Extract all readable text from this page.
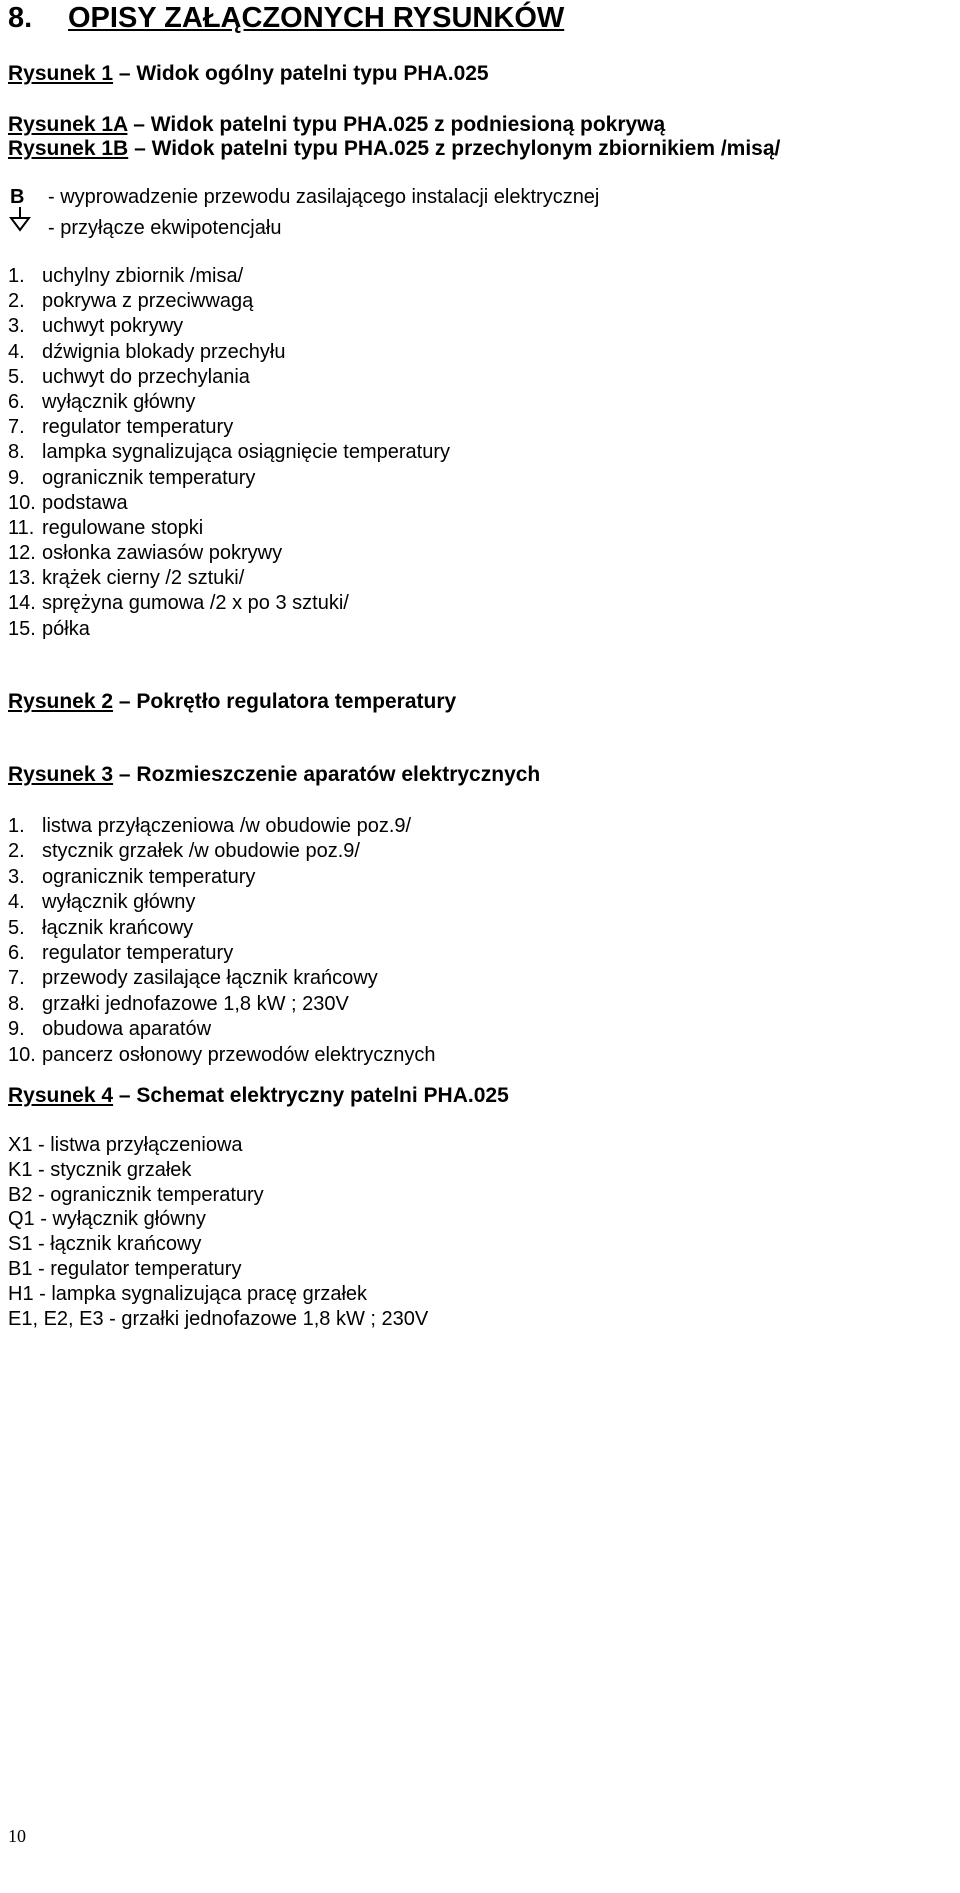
8. OPISY ZAŁĄCZONYCH RYSUNKÓW
Rysunek 1 – Widok ogólny patelni typu PHA.025
Rysunek 1A – Widok patelni typu PHA.025 z podniesioną pokrywą
Rysunek 1B – Widok patelni typu PHA.025 z przechylonym zbiornikiem /misą/
B	- wyprowadzenie przewodu zasilającego instalacji elektrycznej
- przyłącze ekwipotencjału
1. uchylny zbiornik /misa/
2. pokrywa z przeciwwagą
3. uchwyt pokrywy
4. dźwignia blokady przechyłu
5. uchwyt do przechylania
6. wyłącznik główny
7. regulator temperatury
8. lampka sygnalizująca osiągnięcie temperatury
9. ogranicznik temperatury
10. podstawa
11. regulowane stopki
12. osłonka zawiasów pokrywy
13. krążek cierny /2 sztuki/
14. sprężyna gumowa /2 x po 3 sztuki/
15. półka
Rysunek 2 – Pokrętło regulatora temperatury
Rysunek 3 – Rozmieszczenie aparatów elektrycznych
1. listwa przyłączeniowa /w obudowie poz.9/
2. stycznik grzałek /w obudowie poz.9/
3. ogranicznik temperatury
4. wyłącznik główny
5. łącznik krańcowy
6. regulator temperatury
7. przewody zasilające łącznik krańcowy
8. grzałki jednofazowe 1,8 kW ; 230V
9. obudowa aparatów
10. pancerz osłonowy przewodów elektrycznych
Rysunek 4 – Schemat elektryczny patelni PHA.025
X1 - listwa przyłączeniowa
K1 - stycznik grzałek
B2 - ogranicznik temperatury
Q1 - wyłącznik główny
S1 - łącznik krańcowy
B1 - regulator temperatury
H1 - lampka sygnalizująca pracę grzałek
E1, E2, E3 - grzałki jednofazowe 1,8 kW ; 230V
10
